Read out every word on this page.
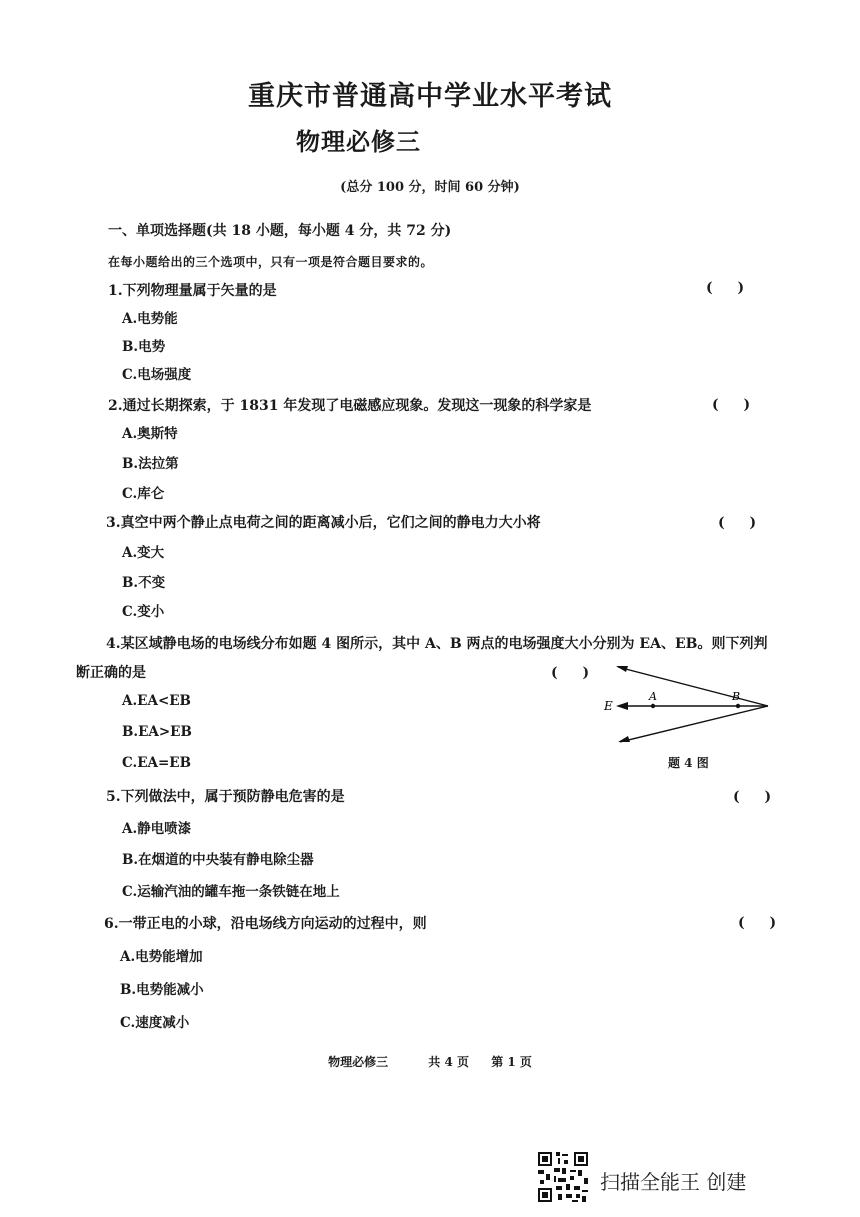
重庆市普通高中学业水平考试
物理必修三
(总分 100 分，时间 60 分钟)
一、单项选择题(共 18 小题，每小题 4 分，共 72 分)
在每小题给出的三个选项中，只有一项是符合题目要求的。
1.下列物理量属于矢量的是	( )
A.电势能
B.电势
C.电场强度
2.通过长期探索，于 1831 年发现了电磁感应现象。发现这一现象的科学家是	( )
A.奥斯特
B.法拉第
C.库仑
3.真空中两个静止点电荷之间的距离减小后，它们之间的静电力大小将	( )
A.变大
B.不变
C.变小
4.某区域静电场的电场线分布如题 4 图所示，其中 A、B 两点的电场强度大小分别为 EA、EB。则下列判
断正确的是	( )
A.EA<EB
B.EA>EB
C.EA=EB
E
A	B
题 4 图
5.下列做法中，属于预防静电危害的是	( )
A.静电喷漆
B.在烟道的中央装有静电除尘器
C.运输汽油的罐车拖一条铁链在地上
6.一带正电的小球，沿电场线方向运动的过程中，则	( )
A.电势能增加
B.电势能减小
C.速度减小
物理必修三	共 4 页 第 1 页
扫描全能王 创建
